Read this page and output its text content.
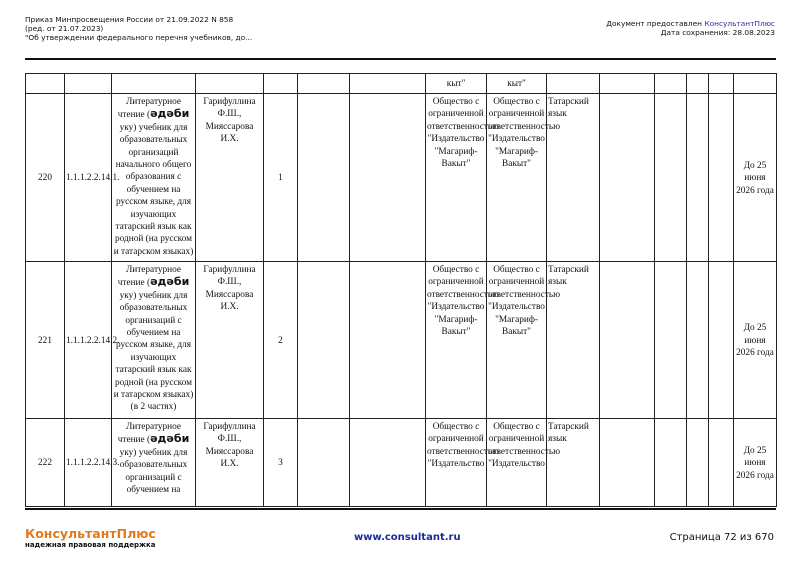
Приказ Минпросвещения России от 21.09.2022 N 858
(ред. от 21.07.2023)
"Об утверждении федерального перечня учебников, до...
Документ предоставлен КонсультантПлюс
Дата сохранения: 28.08.2023
							кыт"	кыт"						
220	1.1.1.2.2.14.1.	Литературное чтение (әдәби уку) учебник для образовательных организаций начального общего образования с обучением на русском языке, для изучающих татарский язык как родной (на русском и татарском языках)	Гарифуллина Ф.Ш., Мияссарова И.Х.	1			Общество с ограниченной ответственностью "Издательство "Магариф-Вакыт"	Общество с ограниченной ответственностью "Издательство "Магариф-Вакыт"	Татарский язык					До 25 июня 2026 года
221	1.1.1.2.2.14.2.	Литературное чтение (әдәби уку) учебник для образовательных организаций с обучением на русском языке, для изучающих татарский язык как родной (на русском и татарском языках) (в 2 частях)	Гарифуллина Ф.Ш., Мияссарова И.Х.	2			Общество с ограниченной ответственностью "Издательство "Магариф-Вакыт"	Общество с ограниченной ответственностью "Издательство "Магариф-Вакыт"	Татарский язык					До 25 июня 2026 года
222	1.1.1.2.2.14.3.	Литературное чтение (әдәби уку) учебник для образовательных организаций с обучением на	Гарифуллина Ф.Ш., Мияссарова И.Х.	3			Общество с ограниченной ответственностью "Издательство	Общество с ограниченной ответственностью "Издательство	Татарский язык					До 25 июня 2026 года
КонсультантПлюс
надежная правовая поддержка
www.consultant.ru	Страница 72 из 670
